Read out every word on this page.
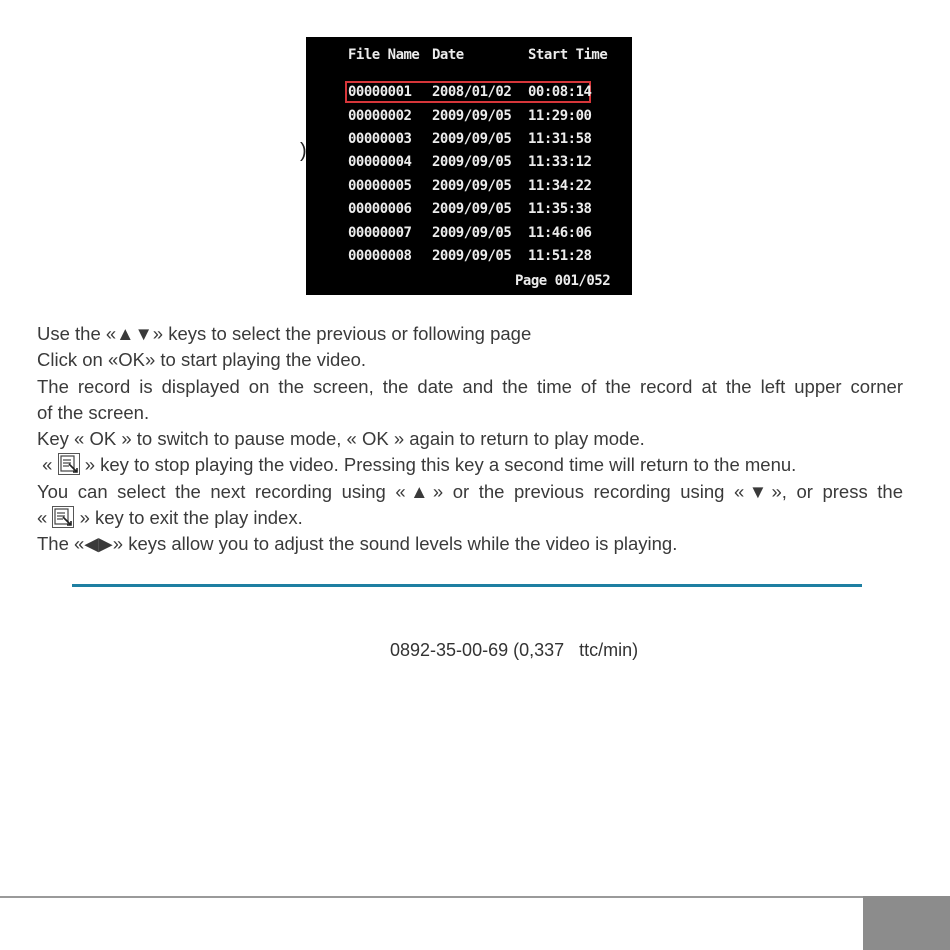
File Name Date	Start Time
00000001 2008/01/02 00:08:14
00000002 2009/09/05 11:29:00
00000003 2009/09/05 11:31:58
00000004 2009/09/05 11:33:12
00000005 2009/09/05 11:34:22
00000006 2009/09/05 11:35:38
00000007 2009/09/05 11:46:06
00000008 2009/09/05 11:51:28
Page 001/052
)

Use the «▲▼» keys to select the previous or following page

Click on «OK» to start playing the video.

The record is displayed on the screen, the date and the time of the record at the left upper corner

of the screen.

Key « OK » to switch to pause mode, « OK » again to return to play mode.

«
» key to stop playing the video. Pressing this key a second time will return to the menu.

You can select the next recording using «▲» or the previous recording using «▼», or press the

«
» key to exit the play index.

The «◀▶» keys allow you to adjust the sound levels while the video is playing.

0892-35-00-69 (0,337   ttc/min)
